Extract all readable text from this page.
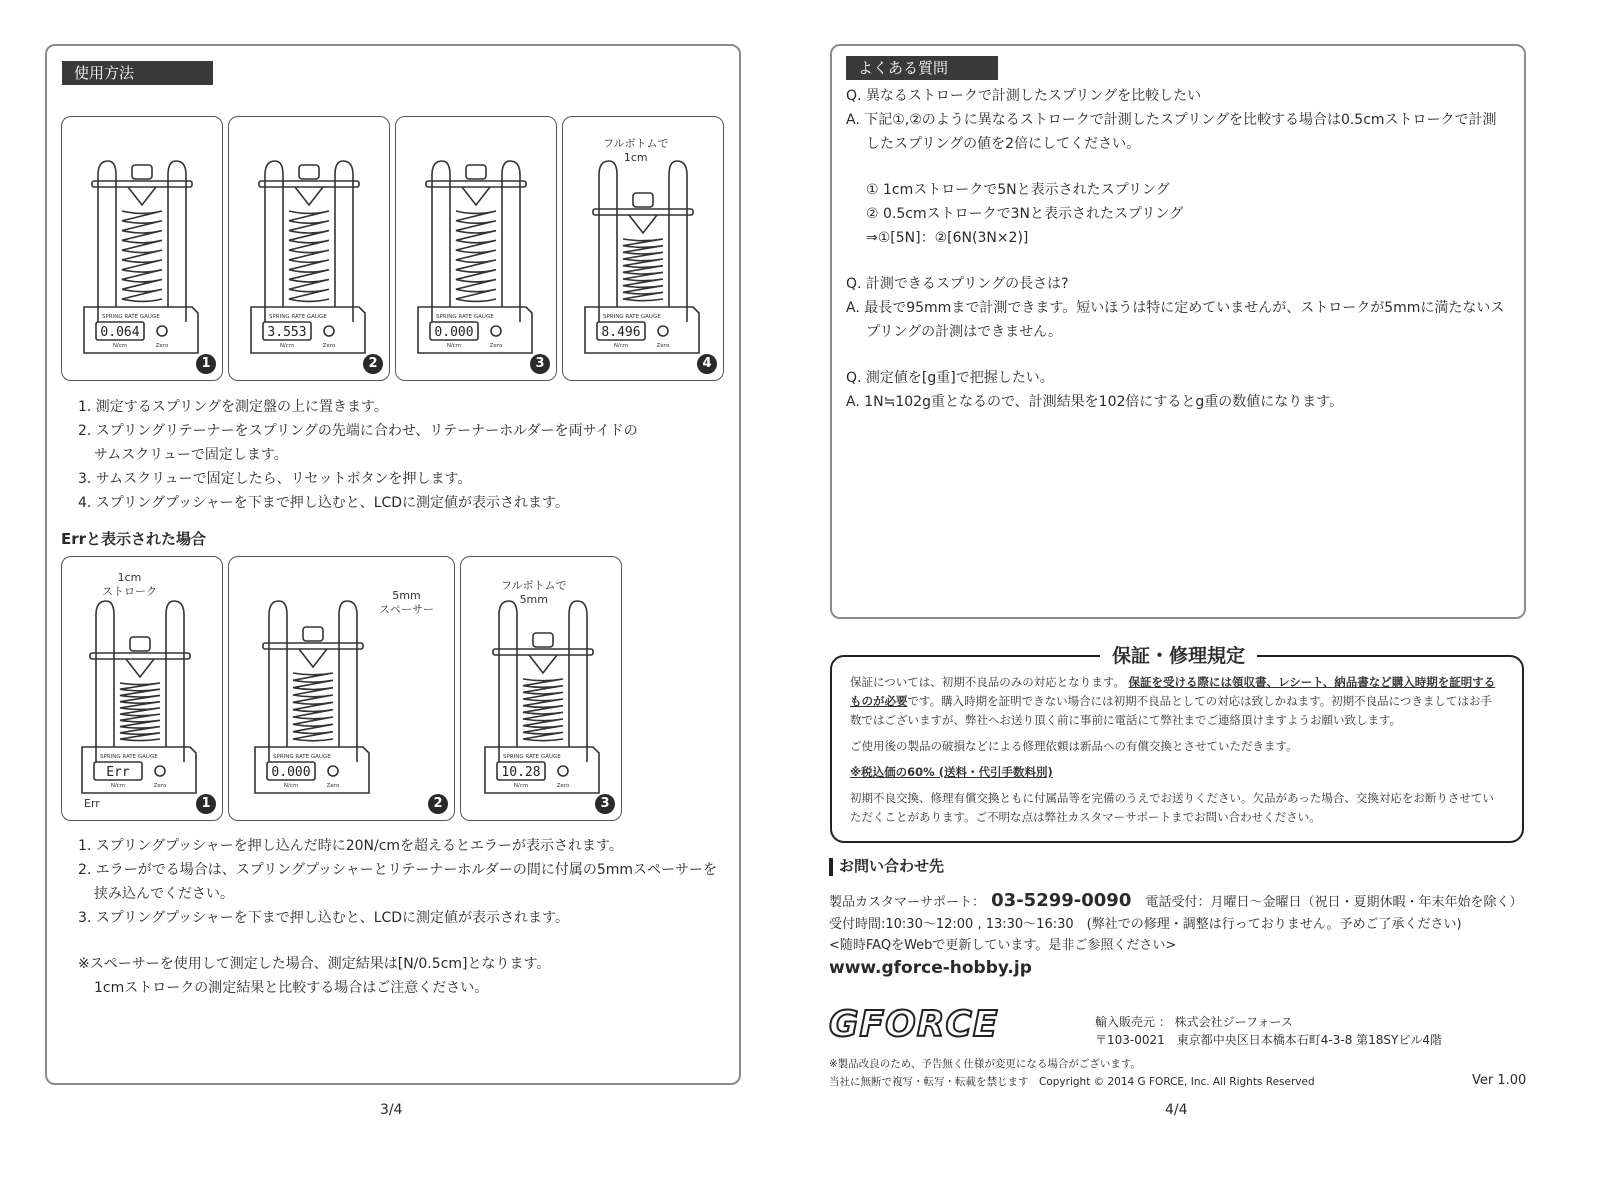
使用方法
SPRING RATE GAUGE
0.064
N/cm	Zero
1
SPRING RATE GAUGE
3.553
N/cm	Zero
2
SPRING RATE GAUGE
0.000
N/cm	Zero
3
SPRING RATE GAUGE
8.496
N/cm	Zero
4
フルボトムで
1cm
1. 測定するスプリングを測定盤の上に置きます。
2. スプリングリテーナーをスプリングの先端に合わせ、リテーナーホルダーを両サイドの
サムスクリューで固定します。
3. サムスクリューで固定したら、リセットボタンを押します。
4. スプリングプッシャーを下まで押し込むと、LCDに測定値が表示されます。
Errと表示された場合
SPRING RATE GAUGE
Err
N/cm	Zero
1
1cm
ストローク
Err
SPRING RATE GAUGE
0.000
N/cm	Zero
2
5mm
スペーサー
SPRING RATE GAUGE
10.28
N/cm	Zero
3
フルボトムで
5mm
1. スプリングプッシャーを押し込んだ時に20N/cmを超えるとエラーが表示されます。
2. エラーがでる場合は、スプリングプッシャーとリテーナーホルダーの間に付属の5mmスペーサーを
挟み込んでください。
3. スプリングプッシャーを下まで押し込むと、LCDに測定値が表示されます。
※スペーサーを使用して測定した場合、測定結果は[N/0.5cm]となります。
1cmストロークの測定結果と比較する場合はご注意ください。
3/4
よくある質問
Q. 異なるストロークで計測したスプリングを比較したい
A. 下記①,②のように異なるストロークで計測したスプリングを比較する場合は0.5cmストロークで計測
したスプリングの値を2倍にしてください。
① 1cmストロークで5Nと表示されたスプリング
② 0.5cmストロークで3Nと表示されたスプリング
⇒①[5N]：②[6N(3N×2)]
Q. 計測できるスプリングの長さは?
A. 最長で95mmまで計測できます。短いほうは特に定めていませんが、ストロークが5mmに満たないス
プリングの計測はできません。
Q. 測定値を[g重]で把握したい。
A. 1N≒102g重となるので、計測結果を102倍にするとg重の数値になります。
保証・修理規定
保証については、初期不良品のみの対応となります。 保証を受ける際には領収書、レシート、納品書など購入時期を証明する
ものが必要です。購入時期を証明できない場合には初期不良品としての対応は致しかねます。初期不良品につきましてはお手
数ではございますが、弊社へお送り頂く前に事前に電話にて弊社までご連絡頂けますようお願い致します。
ご使用後の製品の破損などによる修理依頼は新品への有償交換とさせていただきます。
※税込価の60% (送料・代引手数料別)
初期不良交換、修理有償交換ともに付属品等を完備のうえでお送りください。欠品があった場合、交換対応をお断りさせてい
ただくことがあります。ご不明な点は弊社カスタマーサポートまでお問い合わせください。
お問い合わせ先
製品カスタマーサポート： 03-5299-0090 電話受付：月曜日〜金曜日（祝日・夏期休暇・年末年始を除く）
受付時間:10:30〜12:00 , 13:30〜16:30　(弊社での修理・調整は行っておりません。予めご了承ください)
<随時FAQをWebで更新しています。是非ご参照ください>
www.gforce-hobby.jp
GFORCE	輸入販売元 ： 株式会社ジーフォース
〒103-0021　東京都中央区日本橋本石町4-3-8 第18SYビル4階
※製品改良のため、予告無く仕様が変更になる場合がございます。
当社に無断で複写・転写・転載を禁じます　Copyright © 2014 G FORCE, Inc. All Rights Reserved	Ver 1.00
4/4
